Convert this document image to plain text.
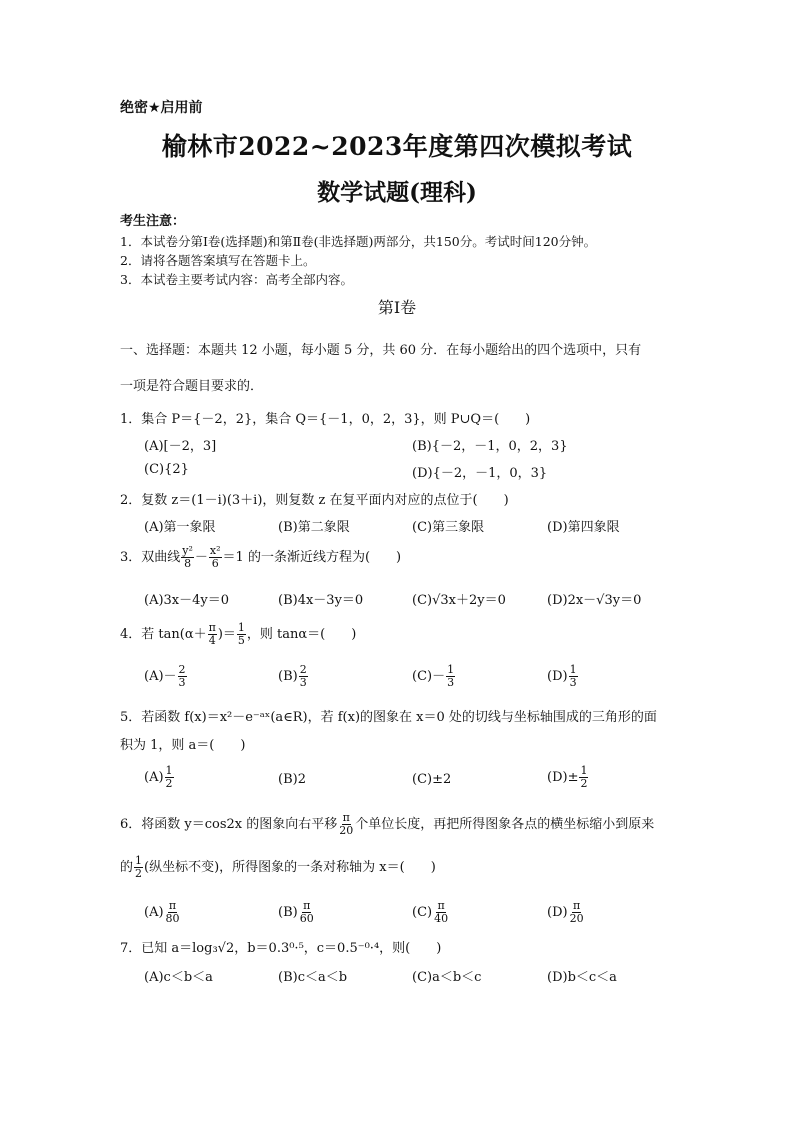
绝密★启用前
榆林市2022~2023年度第四次模拟考试
数学试题(理科)
考生注意：
1．本试卷分第Ⅰ卷(选择题)和第Ⅱ卷(非选择题)两部分，共150分。考试时间120分钟。
2．请将各题答案填写在答题卡上。
3．本试卷主要考试内容：高考全部内容。
第Ⅰ卷
一、选择题：本题共 12 小题，每小题 5 分，共 60 分．在每小题给出的四个选项中，只有
一项是符合题目要求的．
1．集合 P＝{－2，2}，集合 Q＝{－1，0，2，3}，则 P∪Q＝(　　)
(A)[－2，3]	(B){－2，－1，0，2，3}
(C){2}	(D){－2，－1，0，3}
2．复数 z＝(1－i)(3＋i)，则复数 z 在复平面内对应的点位于(　　)
(A)第一象限	(B)第二象限	(C)第三象限	(D)第四象限
3．双曲线 $\frac{\text{y²}}{8} - \frac{\text{x²}}{6} =1$ 的一条渐近线方程为(　　)
(A)3x－4y＝0	(B)4x－3y＝0	(C)√3x＋2y＝0	(D)2x－√3y＝0
4．若 $\tan(\alpha+ \frac{\pi}{4}$ )＝ $\frac{1}{5}$ ，则 tanα＝(　　)
$(A)- \frac{2}{3}$	$(B) \frac{2}{3}$	$(C)- \frac{1}{3}$	$(D) \frac{1}{3}$
5．若函数 f(x)＝x²－e⁻ᵃˣ(a∈R)，若 f(x)的图象在 x＝0 处的切线与坐标轴围成的三角形的面
积为 1，则 a＝(　　)
$(A) \frac{1}{2}$	(B)2	(C)±2	$(D)\pm \frac{1}{2}$
6．将函数 y＝cos2x 的图象向右平移 $\frac{\pi}{20}$ 个单位长度，再把所得图象各点的横坐标缩小到原来
的 $\frac{1}{2}$ (纵坐标不变)，所得图象的一条对称轴为 x＝(　　)
$(A) \frac{\pi}{80}$	$(B) \frac{\pi}{60}$	$(C) \frac{\pi}{40}$	$(D) \frac{\pi}{20}$
7．已知 a＝log₃√2，b＝0.3⁰·⁵，c＝0.5⁻⁰·⁴，则(　　)
(A)c＜b＜a	(B)c＜a＜b	(C)a＜b＜c	(D)b＜c＜a
